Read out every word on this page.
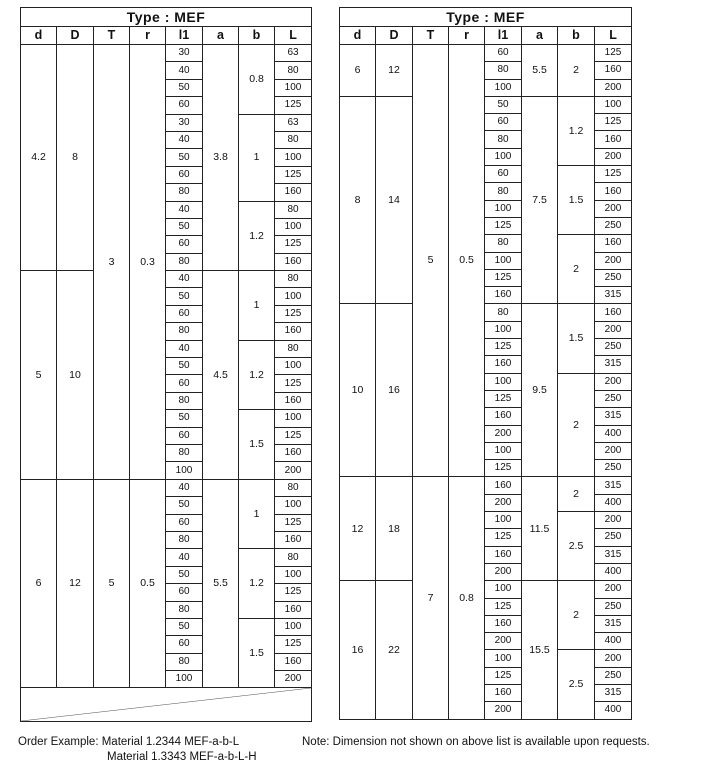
Type : MEF							
d	D	T	r	l1	a	b	L
4.2	8	3	0.3	30	3.8	0.8	63
				40			80
				50			100
				60			125
				30		1	63
				40			80
				50			100
				60			125
				80			160
				40		1.2	80
				50			100
				60			125
				80			160
5	10			40	4.5	1	80
				50			100
				60			125
				80			160
				40		1.2	80
				50			100
				60			125
				80			160
				50		1.5	100
				60			125
				80			160
				100			200
6	12	5	0.5	40	5.5	1	80
				50			100
				60			125
				80			160
				40		1.2	80
				50			100
				60			125
				80			160
				50		1.5	100
				60			125
				80			160
				100			200

Type : MEF							
d	D	T	r	l1	a	b	L
6	12	5	0.5	60	5.5	2	125
				80			160
				100			200
8	14			50	7.5	1.2	100
				60			125
				80			160
				100			200
				60		1.5	125
				80			160
				100			200
				125			250
				80		2	160
				100			200
				125			250
				160			315
10	16			80	9.5	1.5	160
				100			200
				125			250
				160			315
				100		2	200
				125			250
				160			315
				200			400
				100			200
				125			250
12	18	7	0.8	160	11.5	2	315
				200			400
				100		2.5	200
				125			250
				160			315
				200			400
16	22			100	15.5	2	200
				125			250
				160			315
				200			400
				100		2.5	200
				125			250
				160			315
				200			400
Order Example: Material 1.2344 MEF-a-b-L
Material 1.3343 MEF-a-b-L-H
Note: Dimension not shown on above list is available upon requests.
